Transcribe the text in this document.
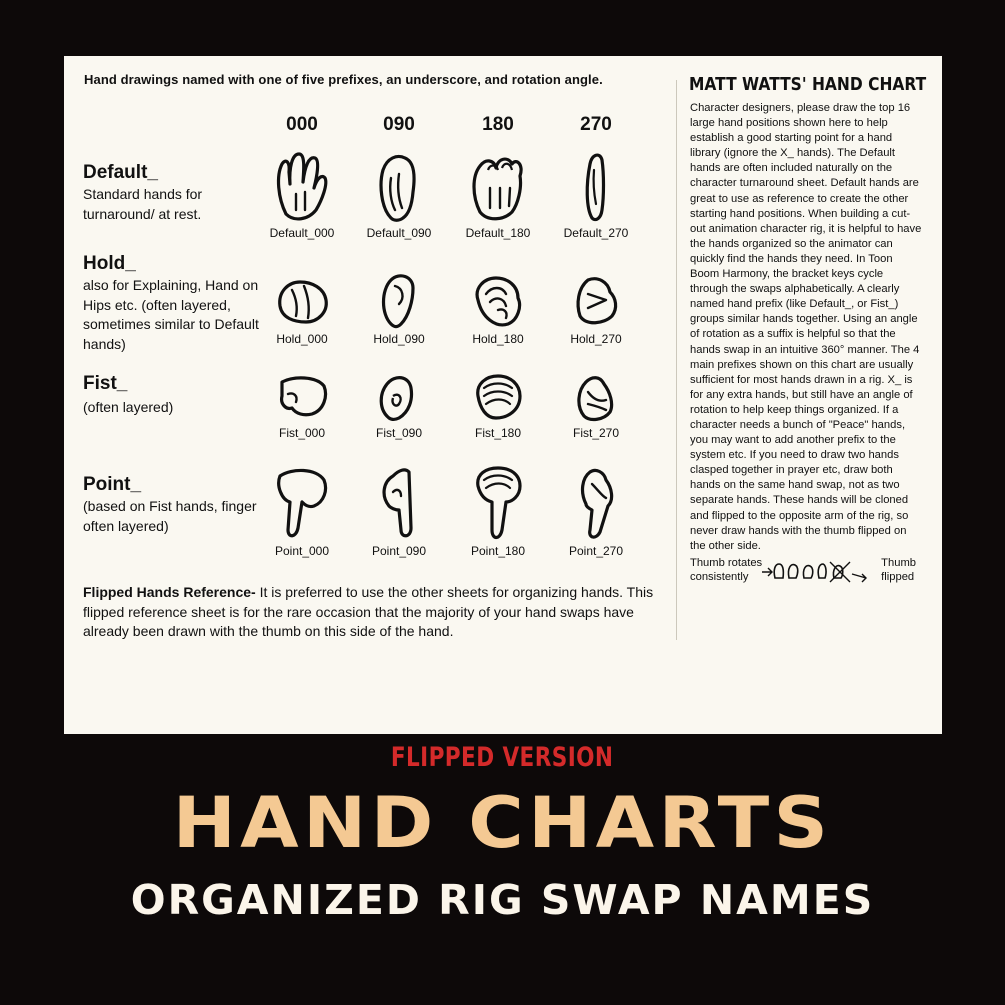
Hand drawings named with one of five prefixes, an underscore, and rotation angle.
000	090	180	270
Default_
Standard hands for turnaround/ at rest.
Hold_
also for Explaining, Hand on Hips etc. (often layered, sometimes similar to Default hands)
Fist_
(often layered)
Point_
(based on Fist hands, finger often layered)
Default_000	Default_090	Default_180	Default_270
Hold_000	Hold_090	Hold_180	Hold_270
Fist_000	Fist_090	Fist_180	Fist_270
Point_000	Point_090	Point_180	Point_270
Flipped Hands Reference- It is preferred to use the other sheets for organizing hands. This flipped reference sheet is for the rare occasion that the majority of your hand swaps have already been drawn with the thumb on this side of the hand.
MATT WATTS' HAND CHART
Character designers, please draw the top 16 large hand positions shown here to help establish a good starting point for a hand library (ignore the X_ hands). The Default hands are often included naturally on the character turnaround sheet. Default hands are great to use as reference to create the other starting hand positions. When building a cut-out animation character rig, it is helpful to have the hands organized so the animator can quickly find the hands they need. In Toon Boom Harmony, the bracket keys cycle through the swaps alphabetically. A clearly named hand prefix (like Default_, or Fist_) groups similar hands together. Using an angle of rotation as a suffix is helpful so that the hands swap in an intuitive 360° manner. The 4 main prefixes shown on this chart are usually sufficient for most hands drawn in a rig. X_ is for any extra hands, but still have an angle of rotation to help keep things organized. If a character needs a bunch of "Peace" hands, you may want to add another prefix to the system etc. If you need to draw two hands clasped together in prayer etc, draw both hands on the same hand swap, not as two separate hands. These hands will be cloned and flipped to the opposite arm of the rig, so never draw hands with the thumb flipped on the other side.
Thumb rotates
consistently
Thumb
flipped
FLIPPED VERSION
HAND CHARTS
ORGANIZED RIG SWAP NAMES
